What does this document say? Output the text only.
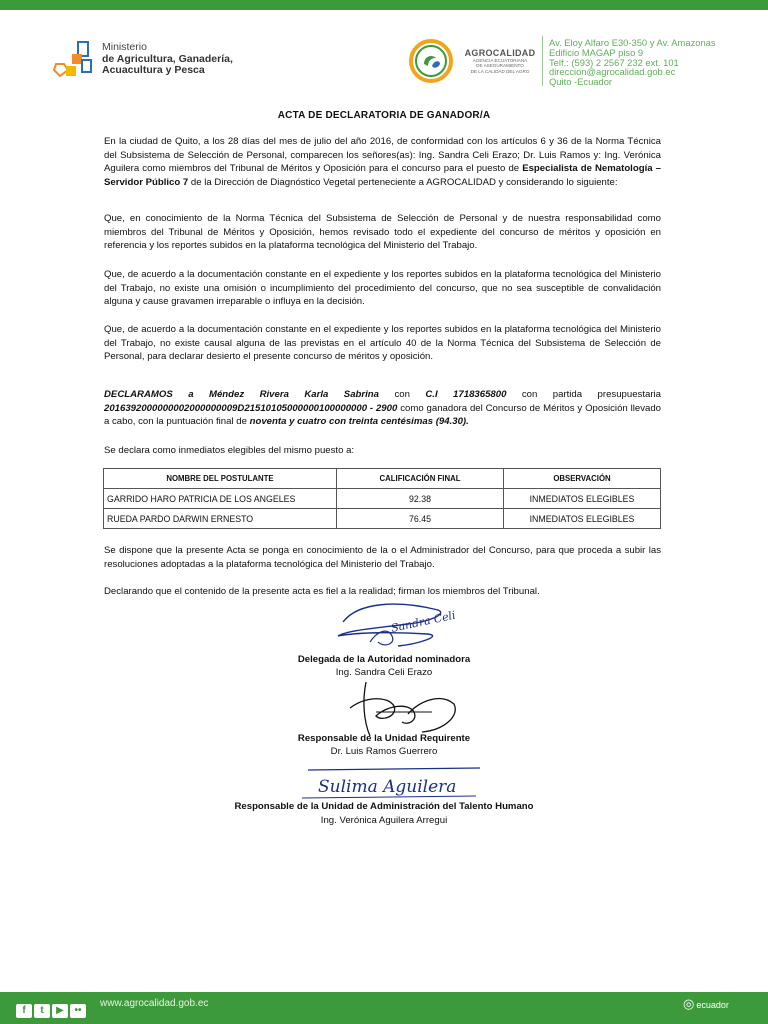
Ministerio
de Agricultura, Ganadería,
Acuacultura y Pesca
AGROCALIDAD
AGENCIA ECUATORIANA
DE ASEGURAMIENTO
DE LA CALIDAD DEL AGRO
Av. Eloy Alfaro E30-350 y Av. Amazonas
Edificio MAGAP piso 9
Telf.: (593) 2 2567 232 ext. 101
direccion@agrocalidad.gob.ec
Quito -Ecuador
ACTA DE DECLARATORIA DE GANADOR/A
En la ciudad de Quito, a los 28 días del mes de julio del año 2016, de conformidad con los artículos 6 y 36 de la Norma Técnica del Subsistema de Selección de Personal, comparecen los señores(as): Ing. Sandra Celi Erazo; Dr. Luis Ramos y: Ing. Verónica Aguilera como miembros del Tribunal de Méritos y Oposición para el concurso para el puesto de Especialista de Nematología – Servidor Público 7 de la Dirección de Diagnóstico Vegetal perteneciente a AGROCALIDAD y considerando lo siguiente:
Que, en conocimiento de la Norma Técnica del Subsistema de Selección de Personal y de nuestra responsabilidad como miembros del Tribunal de Méritos y Oposición, hemos revisado todo el expediente del concurso de méritos y oposición en referencia y los reportes subidos en la plataforma tecnológica del Ministerio del Trabajo.
Que, de acuerdo a la documentación constante en el expediente y los reportes subidos en la plataforma tecnológica del Ministerio del Trabajo, no existe una omisión o incumplimiento del procedimiento del concurso, que no sea susceptible de convalidación alguna y cause gravamen irreparable o influya en la decisión.
Que, de acuerdo a la documentación constante en el expediente y los reportes subidos en la plataforma tecnológica del Ministerio del Trabajo, no existe causal alguna de las previstas en el artículo 40 de la Norma Técnica del Subsistema de Selección de Personal, para declarar desierto el presente concurso de méritos y oposición.
DECLARAMOS a Méndez Rivera Karla Sabrina con C.I 1718365800 con partida presupuestaria 2016392000000002000000009D21510105000000100000000 - 2900 como ganadora del Concurso de Méritos y Oposición llevado a cabo, con la puntuación final de noventa y cuatro con treinta centésimas (94.30).
Se declara como inmediatos elegibles del mismo puesto a:
NOMBRE DEL POSTULANTE	CALIFICACIÓN FINAL	OBSERVACIÓN
GARRIDO HARO PATRICIA DE LOS ANGELES	92.38	INMEDIATOS ELEGIBLES
RUEDA PARDO DARWIN ERNESTO	76.45	INMEDIATOS ELEGIBLES
Se dispone que la presente Acta se ponga en conocimiento de la o el Administrador del Concurso, para que proceda a subir las resoluciones adoptadas a la plataforma tecnológica del Ministerio del Trabajo.
Declarando que el contenido de la presente acta es fiel a la realidad; firman los miembros del Tribunal.
Sandra Celi
Delegada de la Autoridad nominadora
Ing. Sandra Celi Erazo
Responsable de la Unidad Requirente
Dr. Luis Ramos Guerrero
Sulima Aguilera
Responsable de la Unidad de Administración del Talento Humano
Ing. Verónica Aguilera Arregui
f t ▶ ••
www.agrocalidad.gob.ec	◎ ecuador
